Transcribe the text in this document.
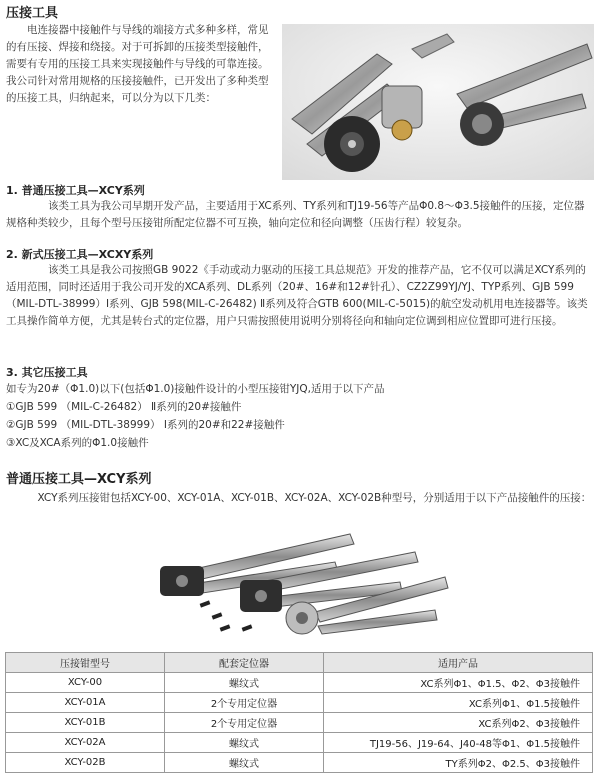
压接工具
电连接器中接触件与导线的端接方式多种多样，常见的有压接、焊接和绕接。对于可拆卸的压接类型接触件，需要有专用的压接工具来实现接触件与导线的可靠连接。我公司针对常用规格的压接接触件，已开发出了多种类型的压接工具，归纳起来，可以分为以下几类：
1. 普通压接工具—XCY系列
该类工具为我公司早期开发产品，主要适用于XC系列、TY系列和TJ19-56等产品Φ0.8～Φ3.5接触件的压接，定位器规格种类较少，且每个型号压接钳所配定位器不可互换，轴向定位和径向调整（压齿行程）较复杂。
2. 新式压接工具—XCXY系列
该类工具是我公司按照GB 9022《手动或动力驱动的压接工具总规范》开发的推荐产品，它不仅可以满足XCY系列的适用范围，同时还适用于我公司开发的XCA系列、DL系列（20#、16#和12#针孔）、CZ2Z99YJ/YJ、TYP系列、GJB 599（MIL-DTL-38999）Ⅰ系列、GJB 598(MIL-C-26482) Ⅱ系列及符合GTB 600(MIL-C-5015)的航空发动机用电连接器等。该类工具操作简单方便，尤其是转台式的定位器，用户只需按照使用说明分别将径向和轴向定位调到相应位置即可进行压接。
3. 其它压接工具
如专为20#（Φ1.0)以下(包括Φ1.0)接触件设计的小型压接钳YJQ,适用于以下产品
①GJB 599 （MIL-C-26482） Ⅱ系列的20#接触件
②GJB 599 （MIL-DTL-38999） Ⅰ系列的20#和22#接触件
③XC及XCA系列的Φ1.0接触件
普通压接工具—XCY系列
XCY系列压接钳包括XCY-00、XCY-01A、XCY-01B、XCY-02A、XCY-02B种型号，分别适用于以下产品接触件的压接：
压接钳型号	配套定位器	适用产品
XCY-00	螺纹式	XC系列Φ1、Φ1.5、Φ2、Φ3接触件
XCY-01A	2个专用定位器	XC系列Φ1、Φ1.5接触件
XCY-01B	2个专用定位器	XC系列Φ2、Φ3接触件
XCY-02A	螺纹式	TJ19-56、J19-64、J40-48等Φ1、Φ1.5接触件
XCY-02B	螺纹式	TY系列Φ2、Φ2.5、Φ3接触件
